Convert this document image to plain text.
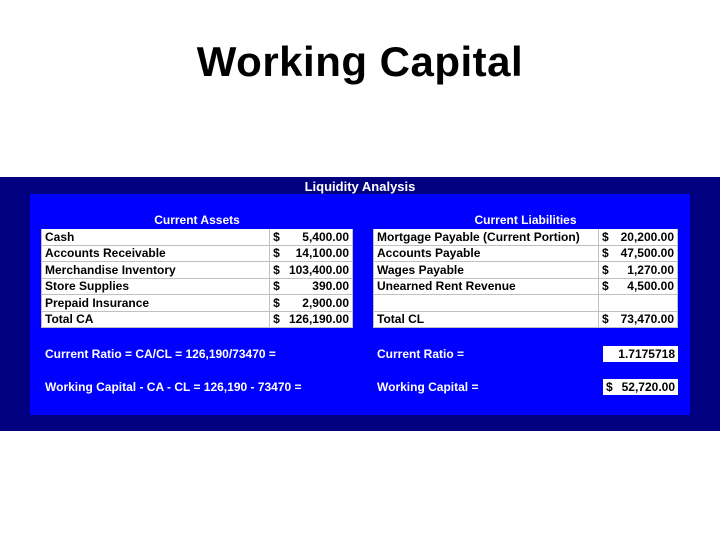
Working Capital
Liquidity Analysis
Current Assets	
Cash	$ 5,400.00

Accounts Receivable	$ 14,100.00

Merchandise Inventory	$ 103,400.00

Store Supplies	$ 390.00

Prepaid Insurance	$ 2,900.00

Total CA	$ 126,190.00
Current Liabilities	
Mortgage Payable (Current Portion)	$ 20,200.00

Accounts Payable	$ 47,500.00

Wages Payable	$ 1,270.00

Unearned Rent Revenue	$ 4,500.00

Total CL	$ 73,470.00
Current Ratio = CA/CL = 126,190/73470 =	Current Ratio =	1.7175718
Working Capital - CA - CL = 126,190 - 73470 =	Working Capital =	$ 52,720.00
